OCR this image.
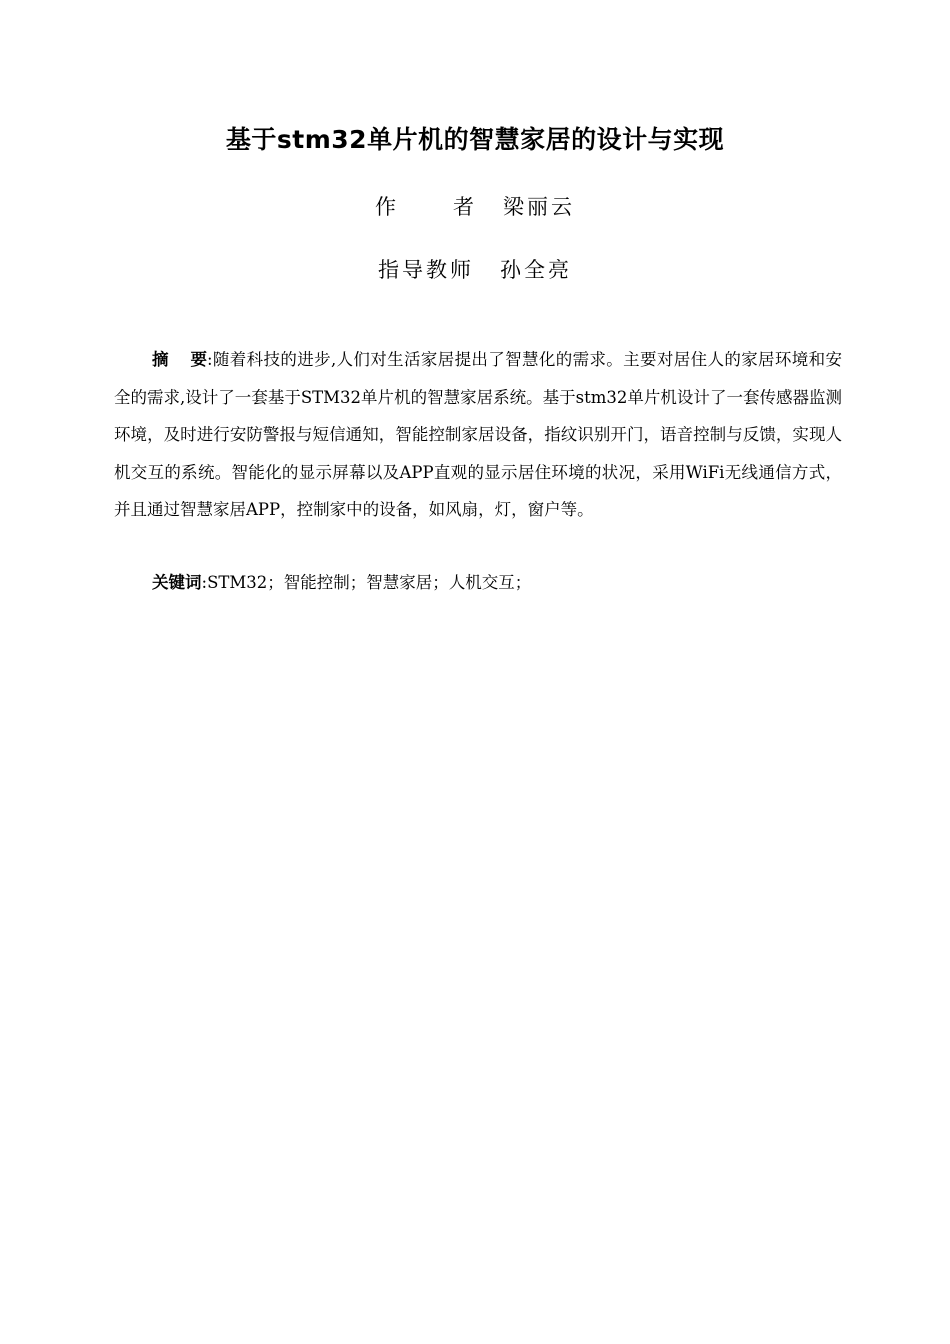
基于stm32单片机的智慧家居的设计与实现
作者 梁丽云
指导教师 孙全亮
摘 要:随着科技的进步,人们对生活家居提出了智慧化的需求。主要对居住人的家居环境和安全的需求,设计了一套基于STM32单片机的智慧家居系统。基于stm32单片机设计了一套传感器监测环境，及时进行安防警报与短信通知，智能控制家居设备，指纹识别开门，语音控制与反馈，实现人机交互的系统。智能化的显示屏幕以及APP直观的显示居住环境的状况，采用WiFi无线通信方式，并且通过智慧家居APP，控制家中的设备，如风扇，灯，窗户等。
关键词:STM32；智能控制；智慧家居；人机交互；
